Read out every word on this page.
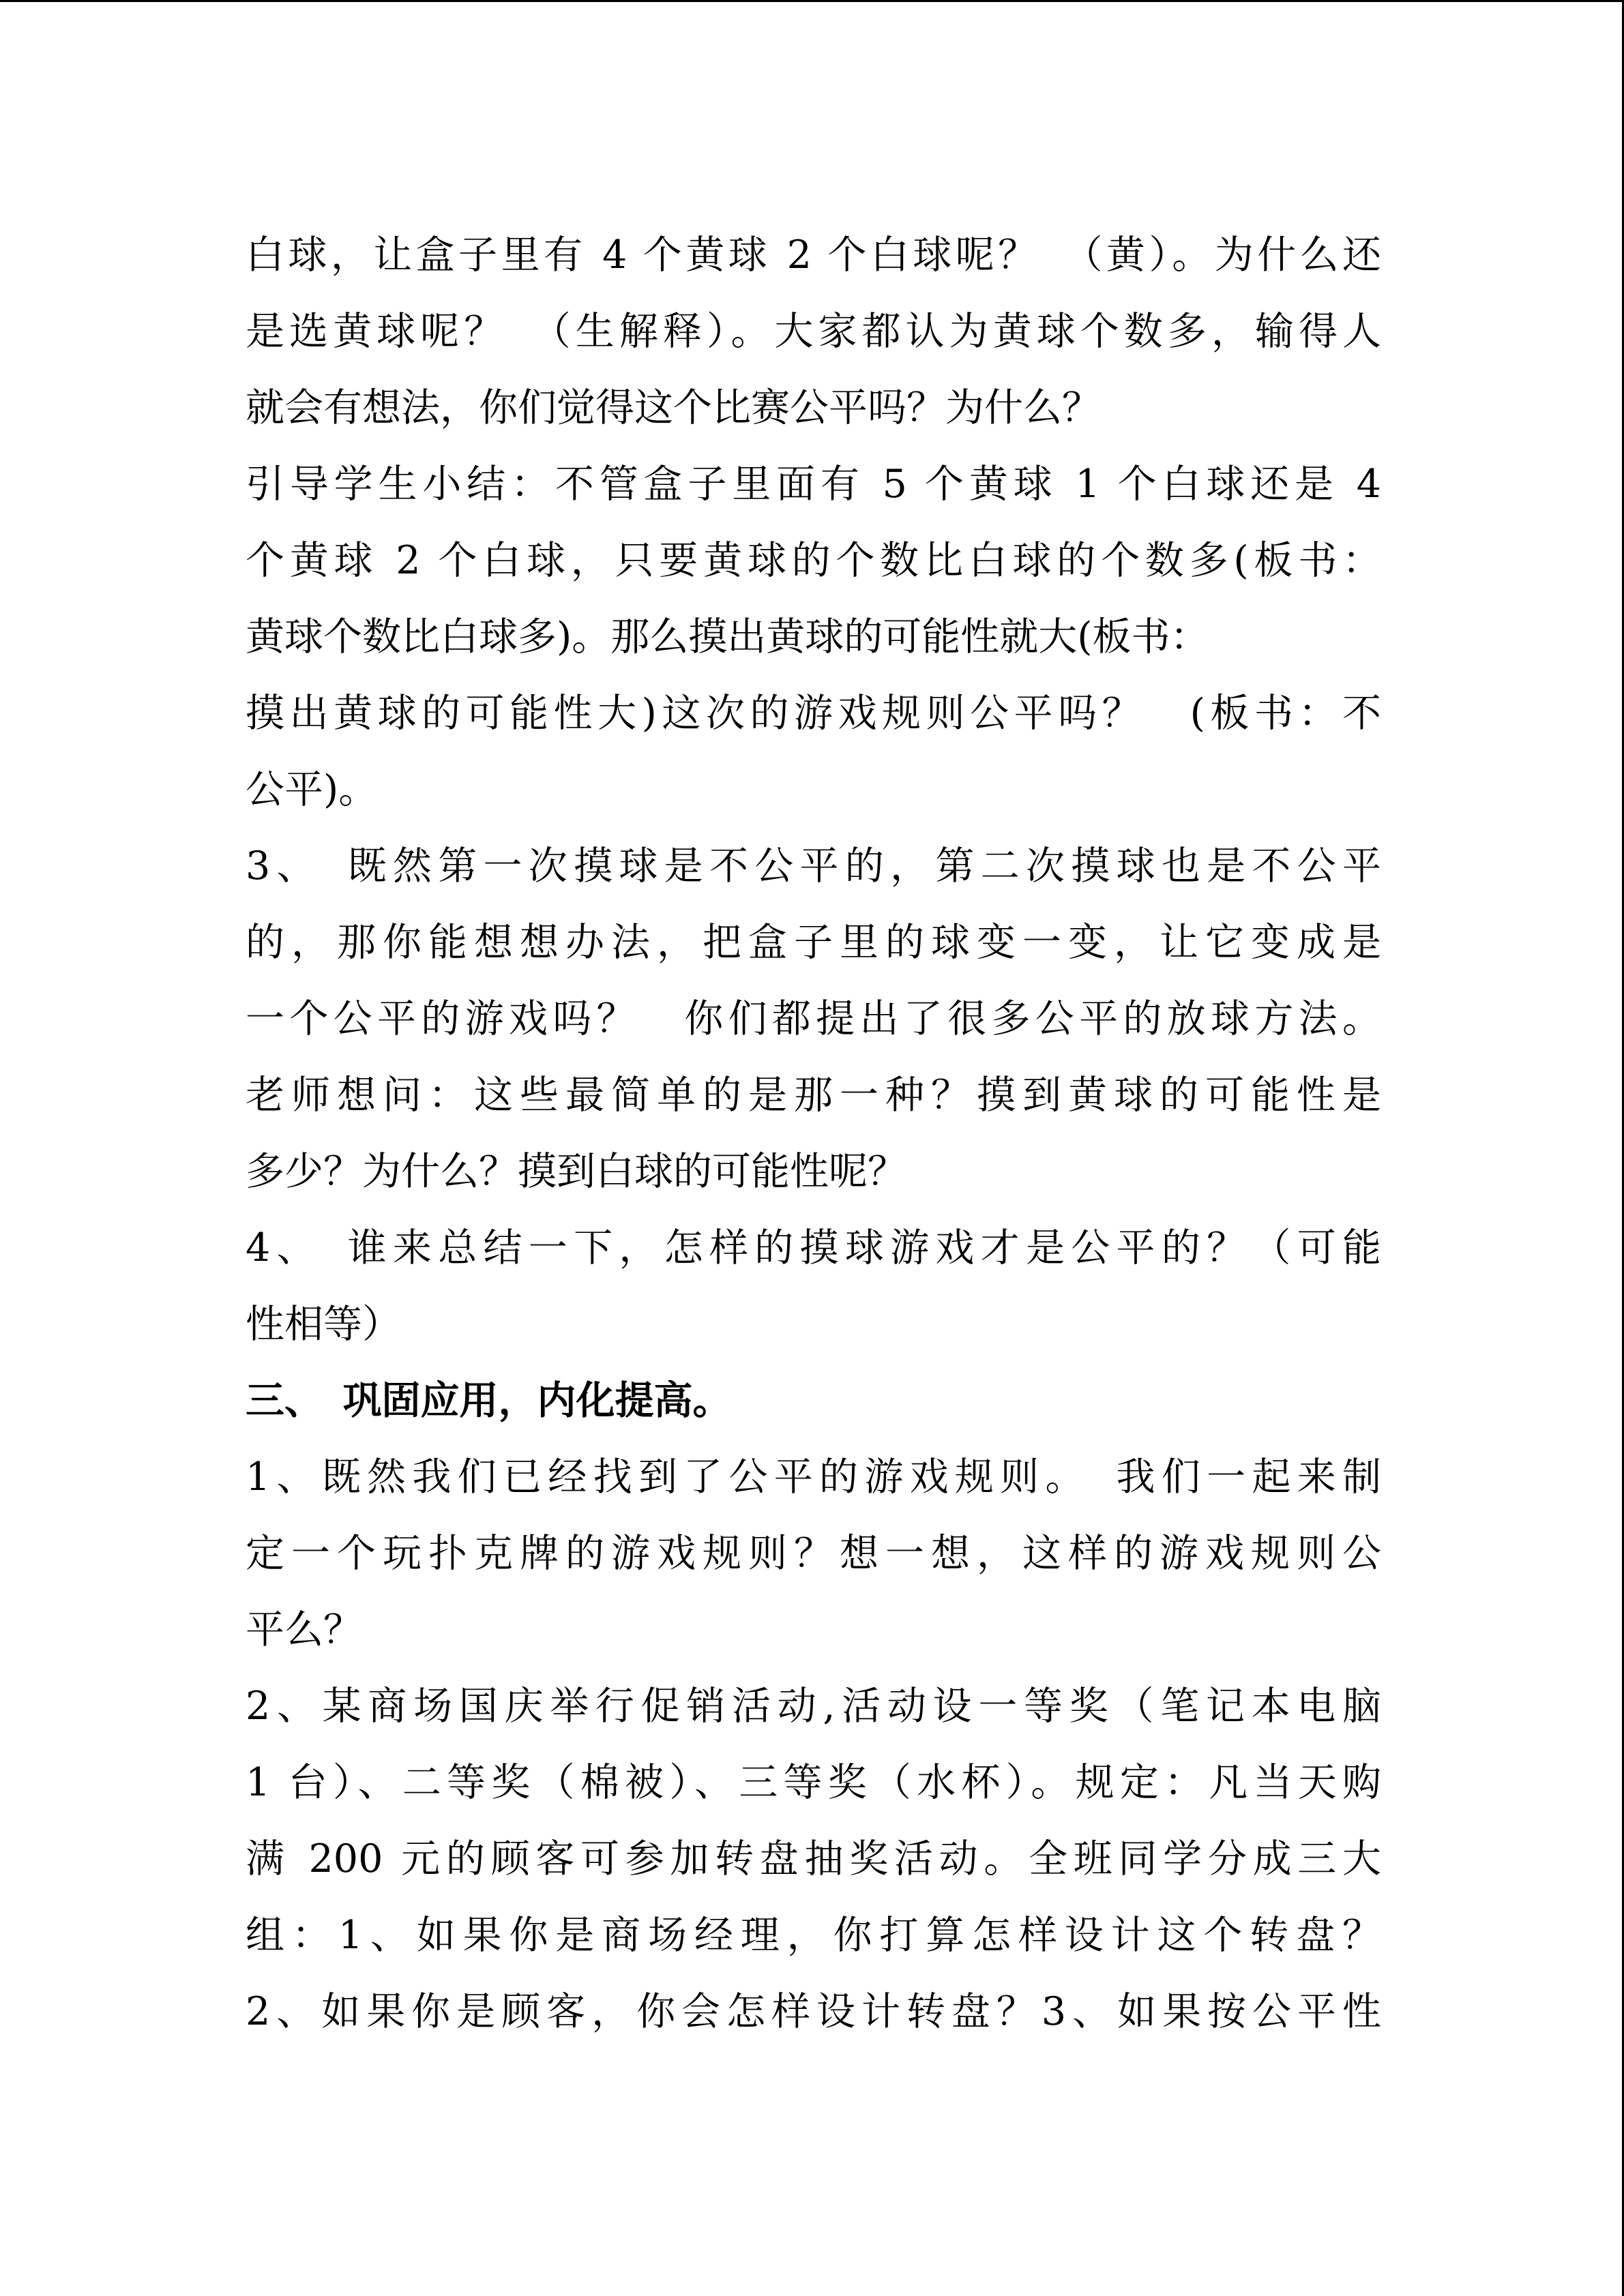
白球，让盒子里有 4 个黄球 2 个白球呢？　（黄）。为什么还
是选黄球呢？　（生解释）。大家都认为黄球个数多，输得人
就会有想法，你们觉得这个比赛公平吗？为什么？
引导学生小结：不管盒子里面有 5 个黄球 1 个白球还是 4
个黄球 2 个白球，只要黄球的个数比白球的个数多(板书：
黄球个数比白球多)。那么摸出黄球的可能性就大(板书：
摸出黄球的可能性大)这次的游戏规则公平吗？　(板书：不
公平)。
3、　既然第一次摸球是不公平的，第二次摸球也是不公平
的，那你能想想办法，把盒子里的球变一变，让它变成是
一个公平的游戏吗？　你们都提出了很多公平的放球方法。
老师想问：这些最简单的是那一种？摸到黄球的可能性是
多少？为什么？摸到白球的可能性呢？
4、　谁来总结一下，怎样的摸球游戏才是公平的？（可能
性相等）
三、　巩固应用，内化提高。
1、既然我们已经找到了公平的游戏规则。　我们一起来制
定一个玩扑克牌的游戏规则？想一想，这样的游戏规则公
平么？
2、某商场国庆举行促销活动,活动设一等奖（笔记本电脑
1 台）、二等奖（棉被）、三等奖（水杯）。规定：凡当天购
满 200 元的顾客可参加转盘抽奖活动。全班同学分成三大
组：1、如果你是商场经理，你打算怎样设计这个转盘？
2、如果你是顾客，你会怎样设计转盘？3、如果按公平性
